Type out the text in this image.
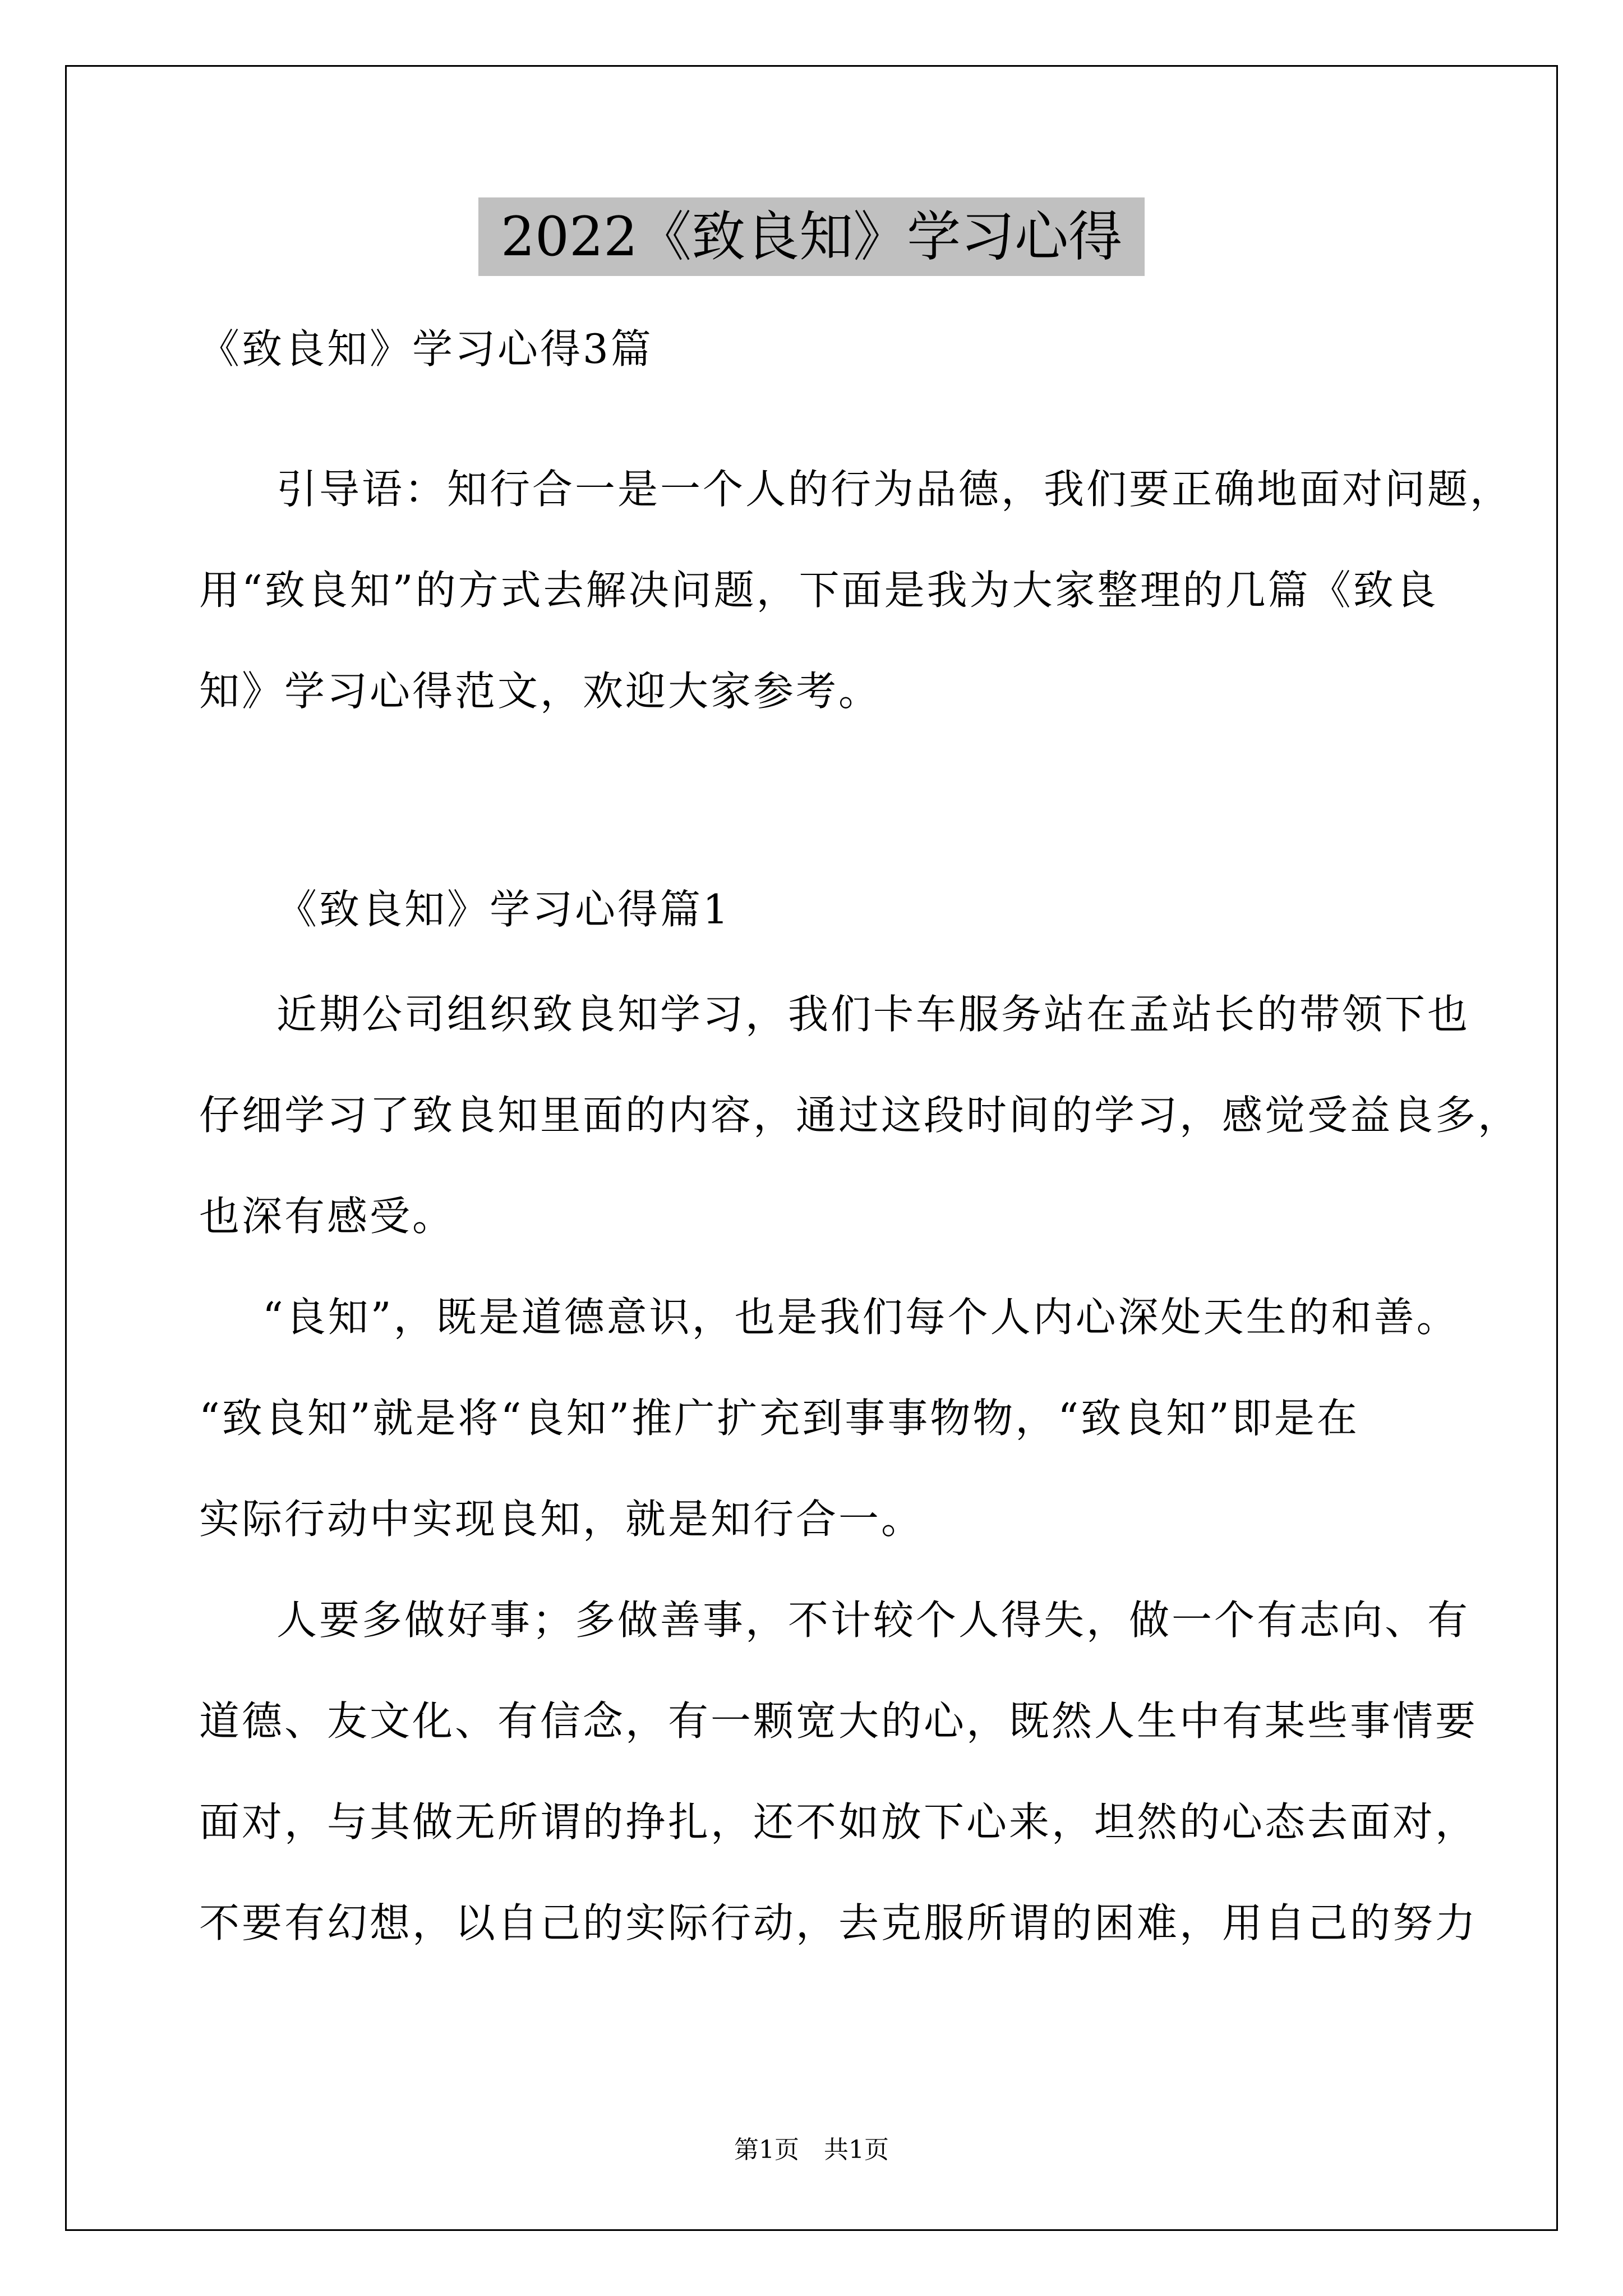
2022《致良知》学习心得
《致良知》学习心得3篇
引导语：知行合一是一个人的行为品德，我们要正确地面对问题，
用“致良知”的方式去解决问题，下面是我为大家整理的几篇《致良
知》学习心得范文，欢迎大家参考。
《致良知》学习心得篇1
近期公司组织致良知学习，我们卡车服务站在孟站长的带领下也
仔细学习了致良知里面的内容，通过这段时间的学习，感觉受益良多，
也深有感受。
“良知”，既是道德意识，也是我们每个人内心深处天生的和善。
“致良知”就是将“良知”推广扩充到事事物物，“致良知”即是在
实际行动中实现良知，就是知行合一。
人要多做好事；多做善事，不计较个人得失，做一个有志向、有
道德、友文化、有信念，有一颗宽大的心，既然人生中有某些事情要
面对，与其做无所谓的挣扎，还不如放下心来，坦然的心态去面对，
不要有幻想，以自己的实际行动，去克服所谓的困难，用自己的努力
第1页　共1页
